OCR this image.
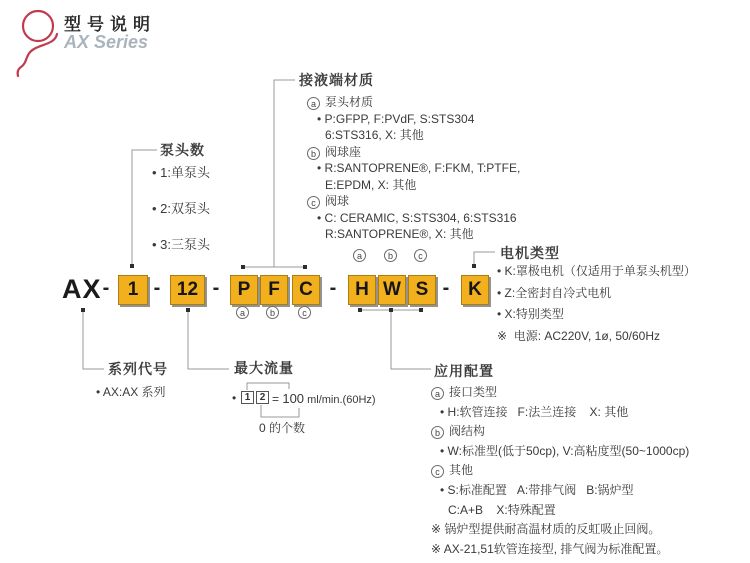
型号说明
AX Series
AX - 1 - 12 - P F	C - H W S - K
a	b	c
a	b	c
泵头数
• 1:单泵头
• 2:双泵头
• 3:三泵头
接液端材质
a 泵头材质
• P:GFPP, F:PVdF, S:STS304
6:STS316, X: 其他
b 阀球座
• R:SANTOPRENE®, F:FKM, T:PTFE,
E:EPDM, X: 其他
c 阀球
• C: CERAMIC, S:STS304, 6:STS316
R:SANTOPRENE®, X: 其他
电机类型
• K:罩极电机（仅适用于单泵头机型）
• Z:全密封自冷式电机
• X:特别类型
※  电源: AC220V, 1ø, 50/60Hz
系列代号
• AX:AX 系列
最大流量
• 1 2 = 100 ml/min.(60Hz)
0 的个数
应用配置
a 接口类型
• H:软管连接   F:法兰连接    X: 其他
b 阀结构
• W:标准型(低于50cp), V:高粘度型(50~1000cp)
c 其他
• S:标准配置   A:带排气阀   B:锅炉型
C:A+B    X:特殊配置
※ 锅炉型提供耐高温材质的反虹吸止回阀。
※ AX-21,51软管连接型, 排气阀为标准配置。
